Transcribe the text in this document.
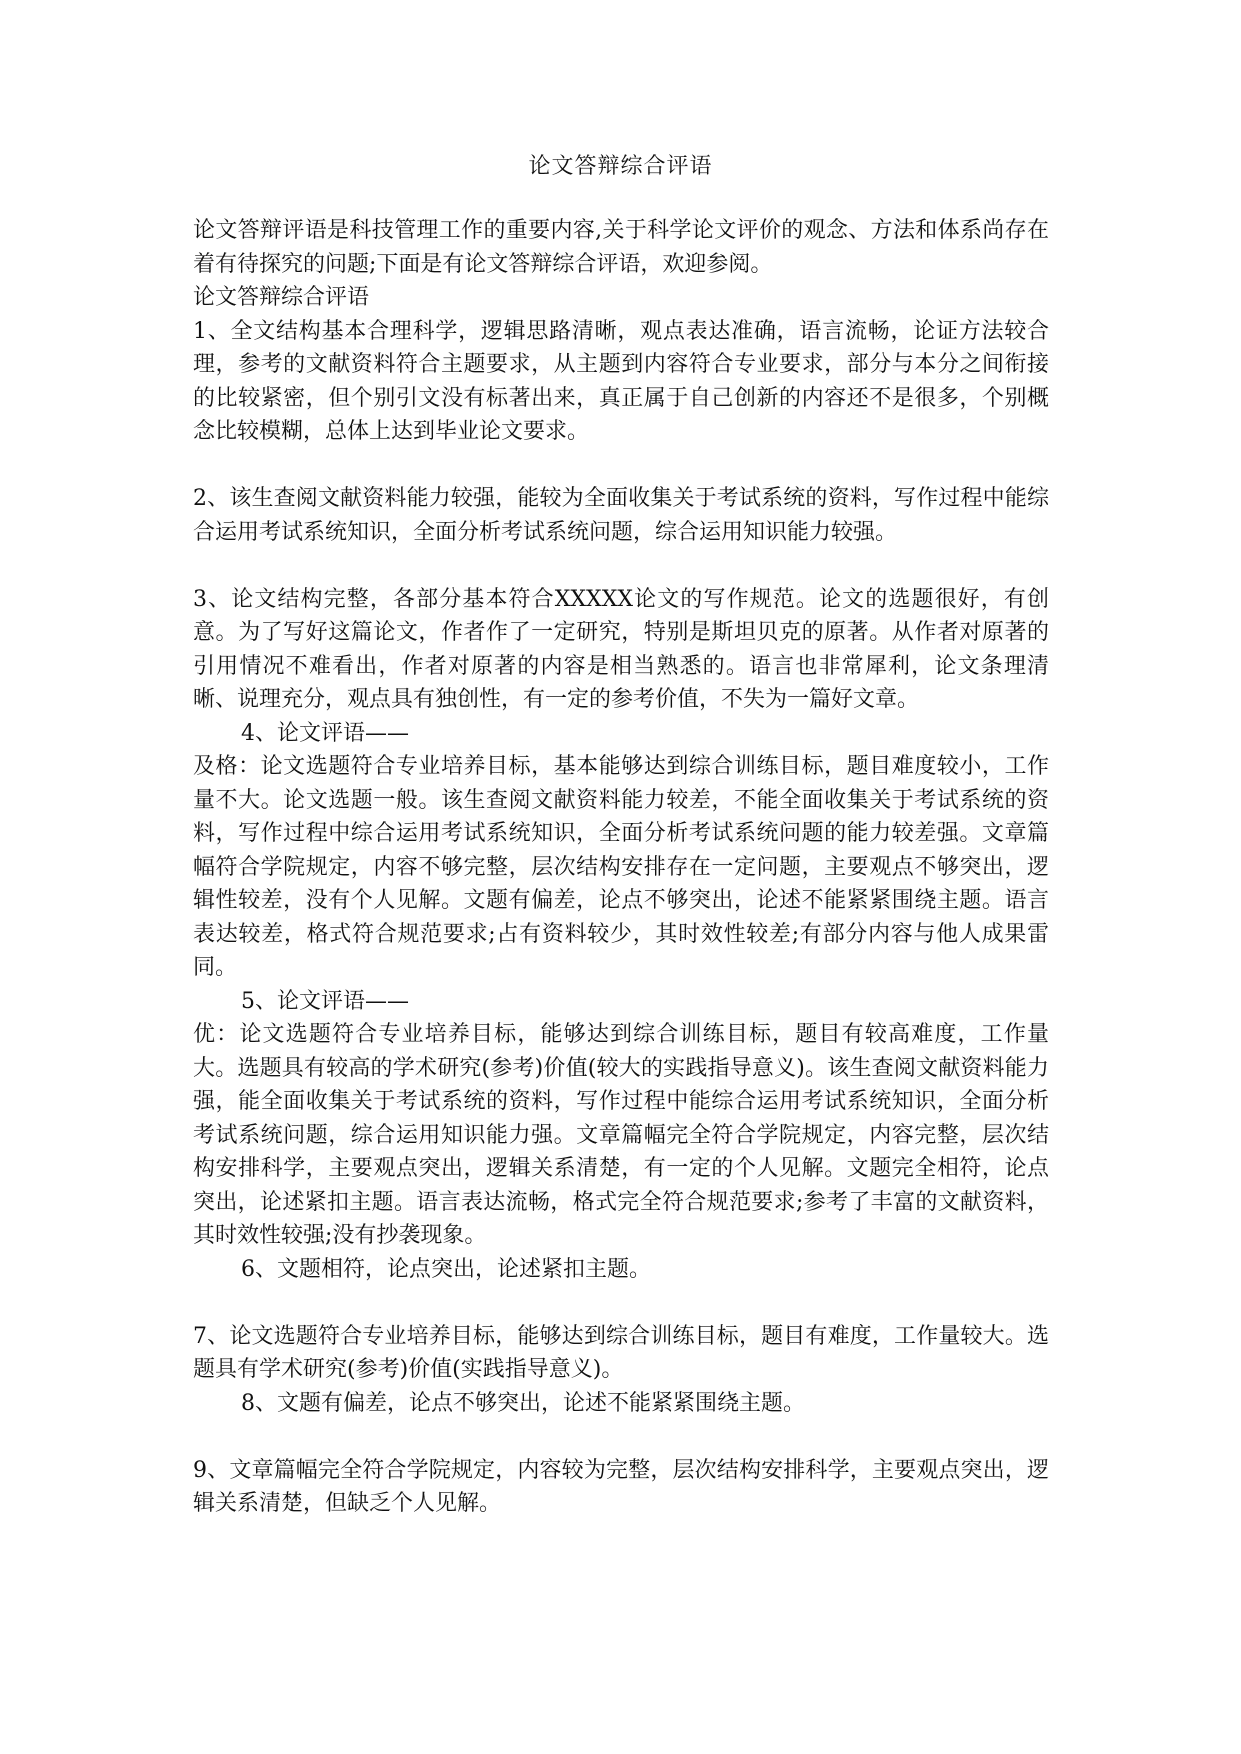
论文答辩综合评语

论文答辩评语是科技管理工作的重要内容,关于科学论文评价的观念、方法和体系尚存在着有待探究的问题;下面是有论文答辩综合评语，欢迎参阅。

论文答辩综合评语

1、全文结构基本合理科学，逻辑思路清晰，观点表达准确，语言流畅，论证方法较合理，参考的文献资料符合主题要求，从主题到内容符合专业要求，部分与本分之间衔接的比较紧密，但个别引文没有标著出来，真正属于自己创新的内容还不是很多，个别概念比较模糊，总体上达到毕业论文要求。

2、该生查阅文献资料能力较强，能较为全面收集关于考试系统的资料，写作过程中能综合运用考试系统知识，全面分析考试系统问题，综合运用知识能力较强。

3、论文结构完整，各部分基本符合XXXXX论文的写作规范。论文的选题很好，有创意。为了写好这篇论文，作者作了一定研究，特别是斯坦贝克的原著。从作者对原著的引用情况不难看出，作者对原著的内容是相当熟悉的。语言也非常犀利，论文条理清晰、说理充分，观点具有独创性，有一定的参考价值，不失为一篇好文章。

4、论文评语——

及格：论文选题符合专业培养目标，基本能够达到综合训练目标，题目难度较小，工作量不大。论文选题一般。该生查阅文献资料能力较差，不能全面收集关于考试系统的资料，写作过程中综合运用考试系统知识，全面分析考试系统问题的能力较差强。文章篇幅符合学院规定，内容不够完整，层次结构安排存在一定问题，主要观点不够突出，逻辑性较差，没有个人见解。文题有偏差，论点不够突出，论述不能紧紧围绕主题。语言表达较差，格式符合规范要求;占有资料较少，其时效性较差;有部分内容与他人成果雷同。

5、论文评语——

优：论文选题符合专业培养目标，能够达到综合训练目标，题目有较高难度，工作量大。选题具有较高的学术研究(参考)价值(较大的实践指导意义)。该生查阅文献资料能力强，能全面收集关于考试系统的资料，写作过程中能综合运用考试系统知识，全面分析考试系统问题，综合运用知识能力强。文章篇幅完全符合学院规定，内容完整，层次结构安排科学，主要观点突出，逻辑关系清楚，有一定的个人见解。文题完全相符，论点突出，论述紧扣主题。语言表达流畅，格式完全符合规范要求;参考了丰富的文献资料，其时效性较强;没有抄袭现象。

6、文题相符，论点突出，论述紧扣主题。

7、论文选题符合专业培养目标，能够达到综合训练目标，题目有难度，工作量较大。选题具有学术研究(参考)价值(实践指导意义)。

8、文题有偏差，论点不够突出，论述不能紧紧围绕主题。

9、文章篇幅完全符合学院规定，内容较为完整，层次结构安排科学，主要观点突出，逻辑关系清楚，但缺乏个人见解。
